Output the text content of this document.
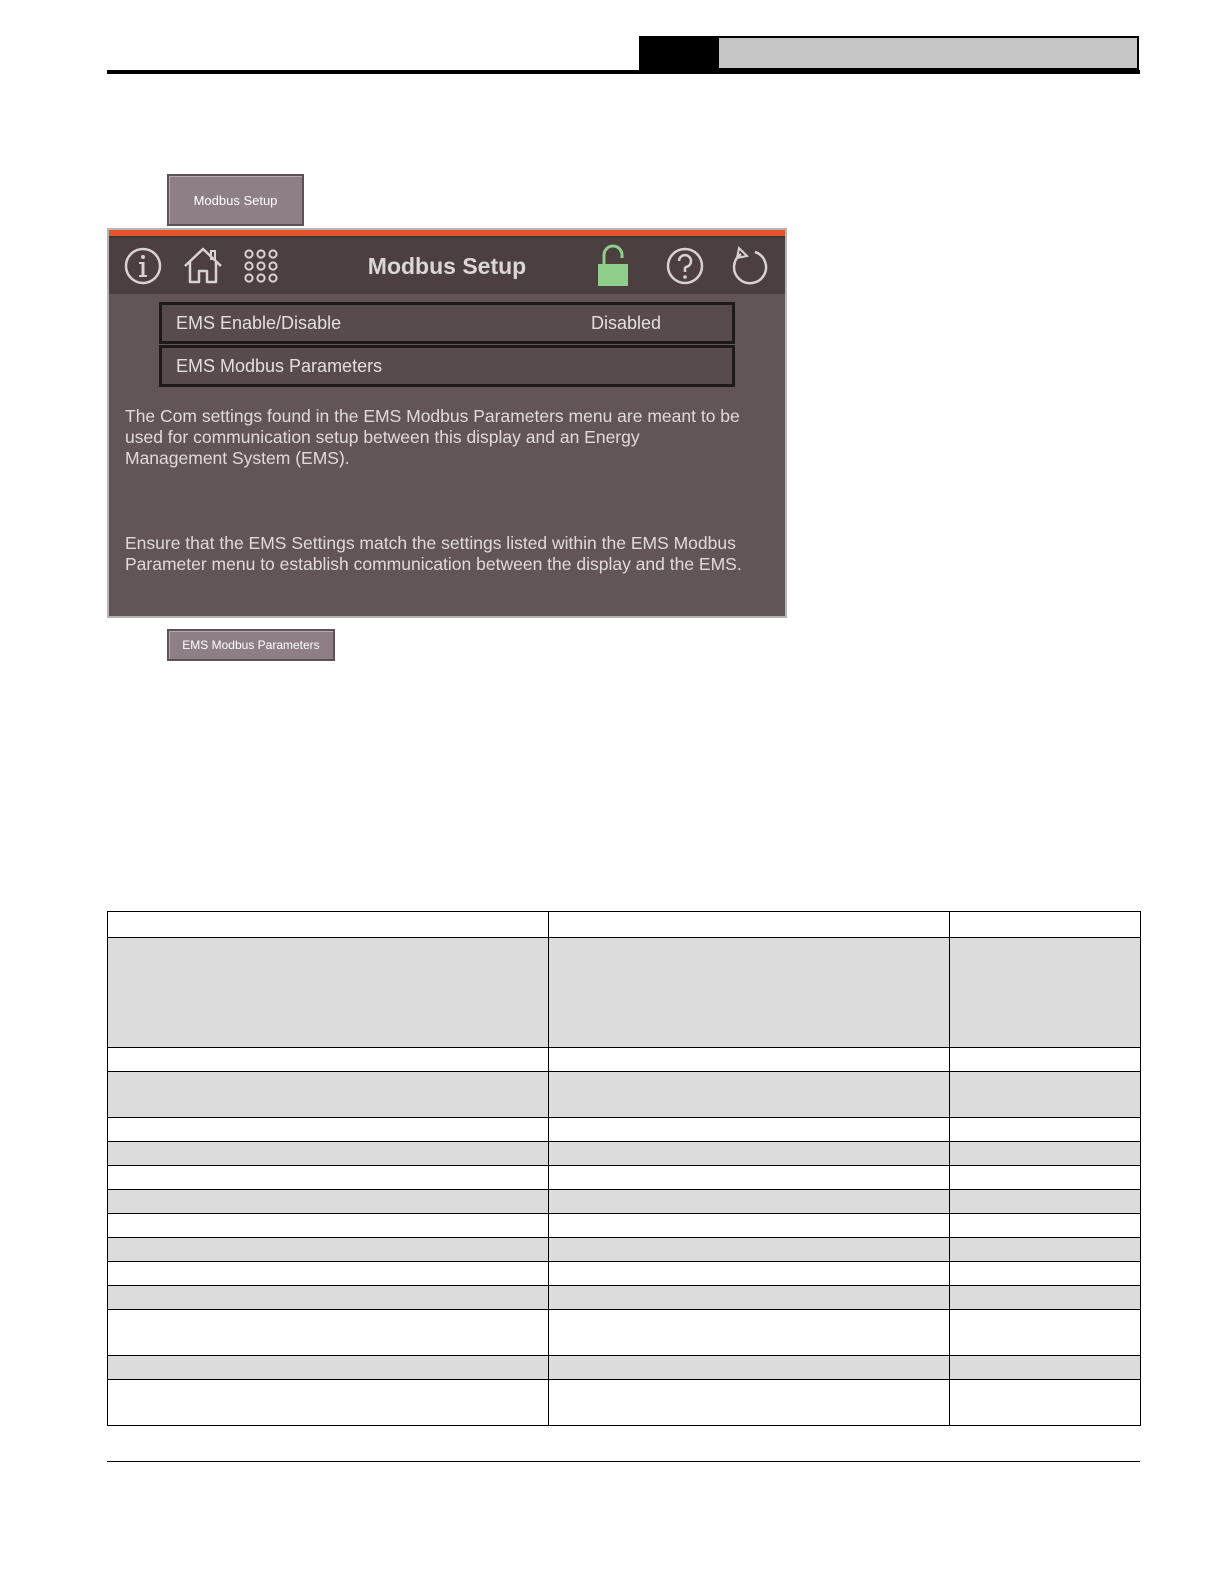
Modbus Setup
Modbus Setup
EMS Enable/Disable	Disabled
EMS Modbus Parameters

The Com settings found in the EMS Modbus Parameters menu are meant to be used for communication setup between this display and an Energy Management System (EMS).

Ensure that the EMS Settings match the settings listed within the EMS Modbus Parameter menu to establish communication between the display and the EMS.

EMS Modbus Parameters
